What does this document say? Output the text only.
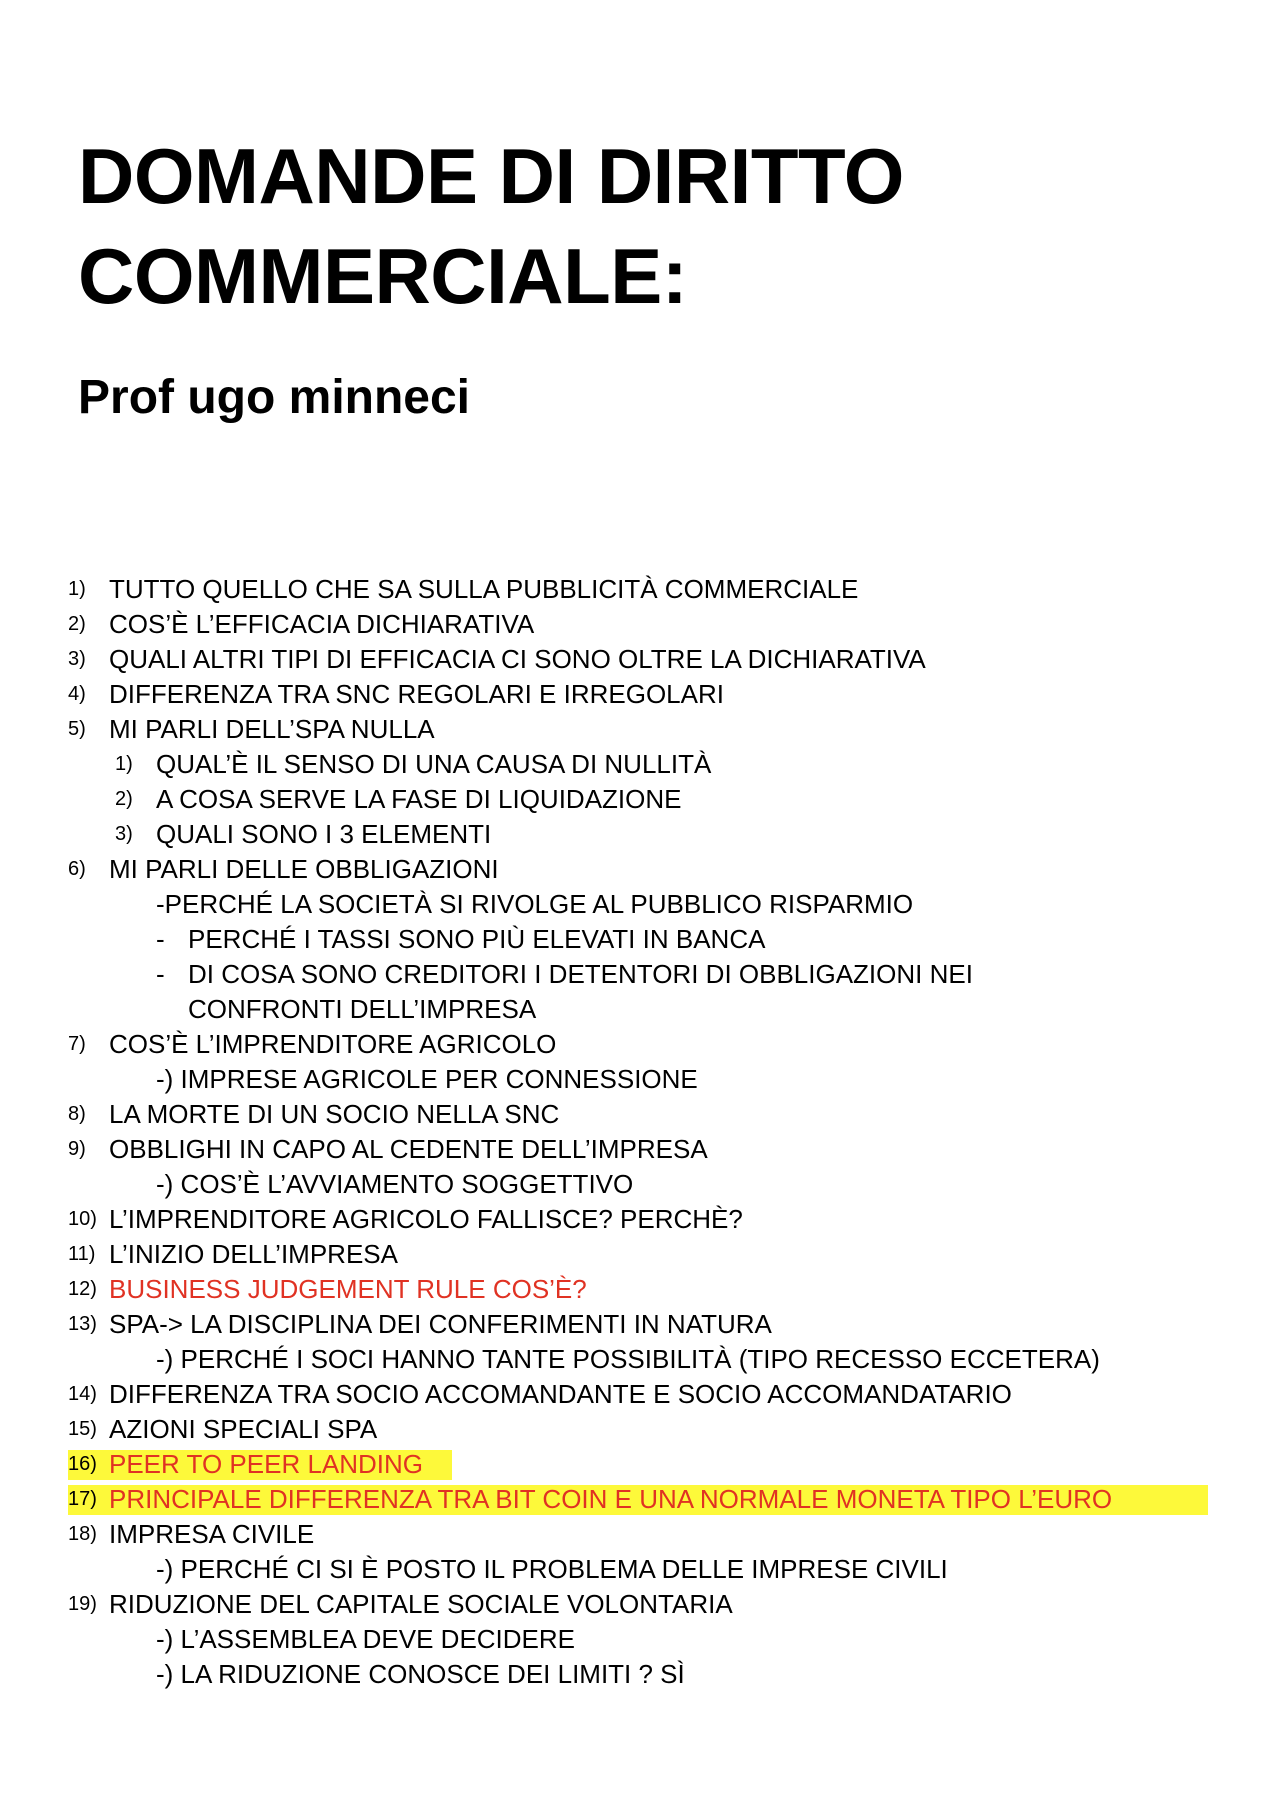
DOMANDE DI DIRITTO
COMMERCIALE:
Prof ugo minneci
1) TUTTO QUELLO CHE SA SULLA PUBBLICITÀ COMMERCIALE
2) COS’È L’EFFICACIA DICHIARATIVA
3) QUALI ALTRI TIPI DI EFFICACIA CI SONO OLTRE LA DICHIARATIVA
4) DIFFERENZA TRA SNC REGOLARI E IRREGOLARI
5) MI PARLI DELL’SPA NULLA
1) QUAL’È IL SENSO DI UNA CAUSA DI NULLITÀ
2) A COSA SERVE LA FASE DI LIQUIDAZIONE
3) QUALI SONO I 3 ELEMENTI
6) MI PARLI DELLE OBBLIGAZIONI
-PERCHÉ LA SOCIETÀ SI RIVOLGE AL PUBBLICO RISPARMIO
- PERCHÉ I TASSI SONO PIÙ ELEVATI IN BANCA
- DI COSA SONO CREDITORI I DETENTORI DI OBBLIGAZIONI NEI
CONFRONTI DELL’IMPRESA
7) COS’È L’IMPRENDITORE AGRICOLO
-) IMPRESE AGRICOLE PER CONNESSIONE
8) LA MORTE DI UN SOCIO NELLA SNC
9) OBBLIGHI IN CAPO AL CEDENTE DELL’IMPRESA
-) COS’È L’AVVIAMENTO SOGGETTIVO
10) L’IMPRENDITORE AGRICOLO FALLISCE? PERCHÈ?
11) L’INIZIO DELL’IMPRESA
12) BUSINESS JUDGEMENT RULE COS’È?
13) SPA-> LA DISCIPLINA DEI CONFERIMENTI IN NATURA
-) PERCHÉ I SOCI HANNO TANTE POSSIBILITÀ (TIPO RECESSO ECCETERA)
14) DIFFERENZA TRA SOCIO ACCOMANDANTE E SOCIO ACCOMANDATARIO
15) AZIONI SPECIALI SPA
16) PEER TO PEER LANDING
17) PRINCIPALE DIFFERENZA TRA BIT COIN E UNA NORMALE MONETA TIPO L’EURO
18) IMPRESA CIVILE
-) PERCHÉ CI SI È POSTO IL PROBLEMA DELLE IMPRESE CIVILI
19) RIDUZIONE DEL CAPITALE SOCIALE VOLONTARIA
-) L’ASSEMBLEA DEVE DECIDERE
-) LA RIDUZIONE CONOSCE DEI LIMITI ? SÌ
